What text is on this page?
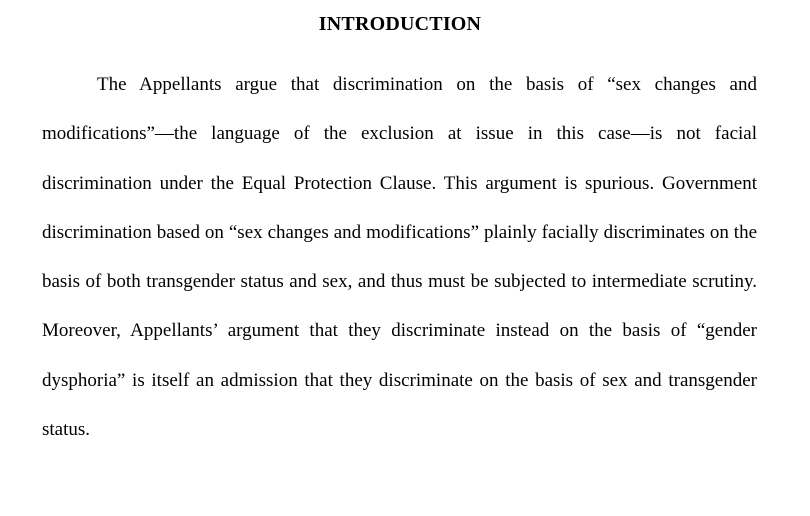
INTRODUCTION

The Appellants argue that discrimination on the basis of “sex changes and modifications”—the language of the exclusion at issue in this case—is not facial discrimination under the Equal Protection Clause. This argument is spurious. Government discrimination based on “sex changes and modifications” plainly facially discriminates on the basis of both transgender status and sex, and thus must be subjected to intermediate scrutiny. Moreover, Appellants’ argument that they discriminate instead on the basis of “gender dysphoria” is itself an admission that they discriminate on the basis of sex and transgender status.
